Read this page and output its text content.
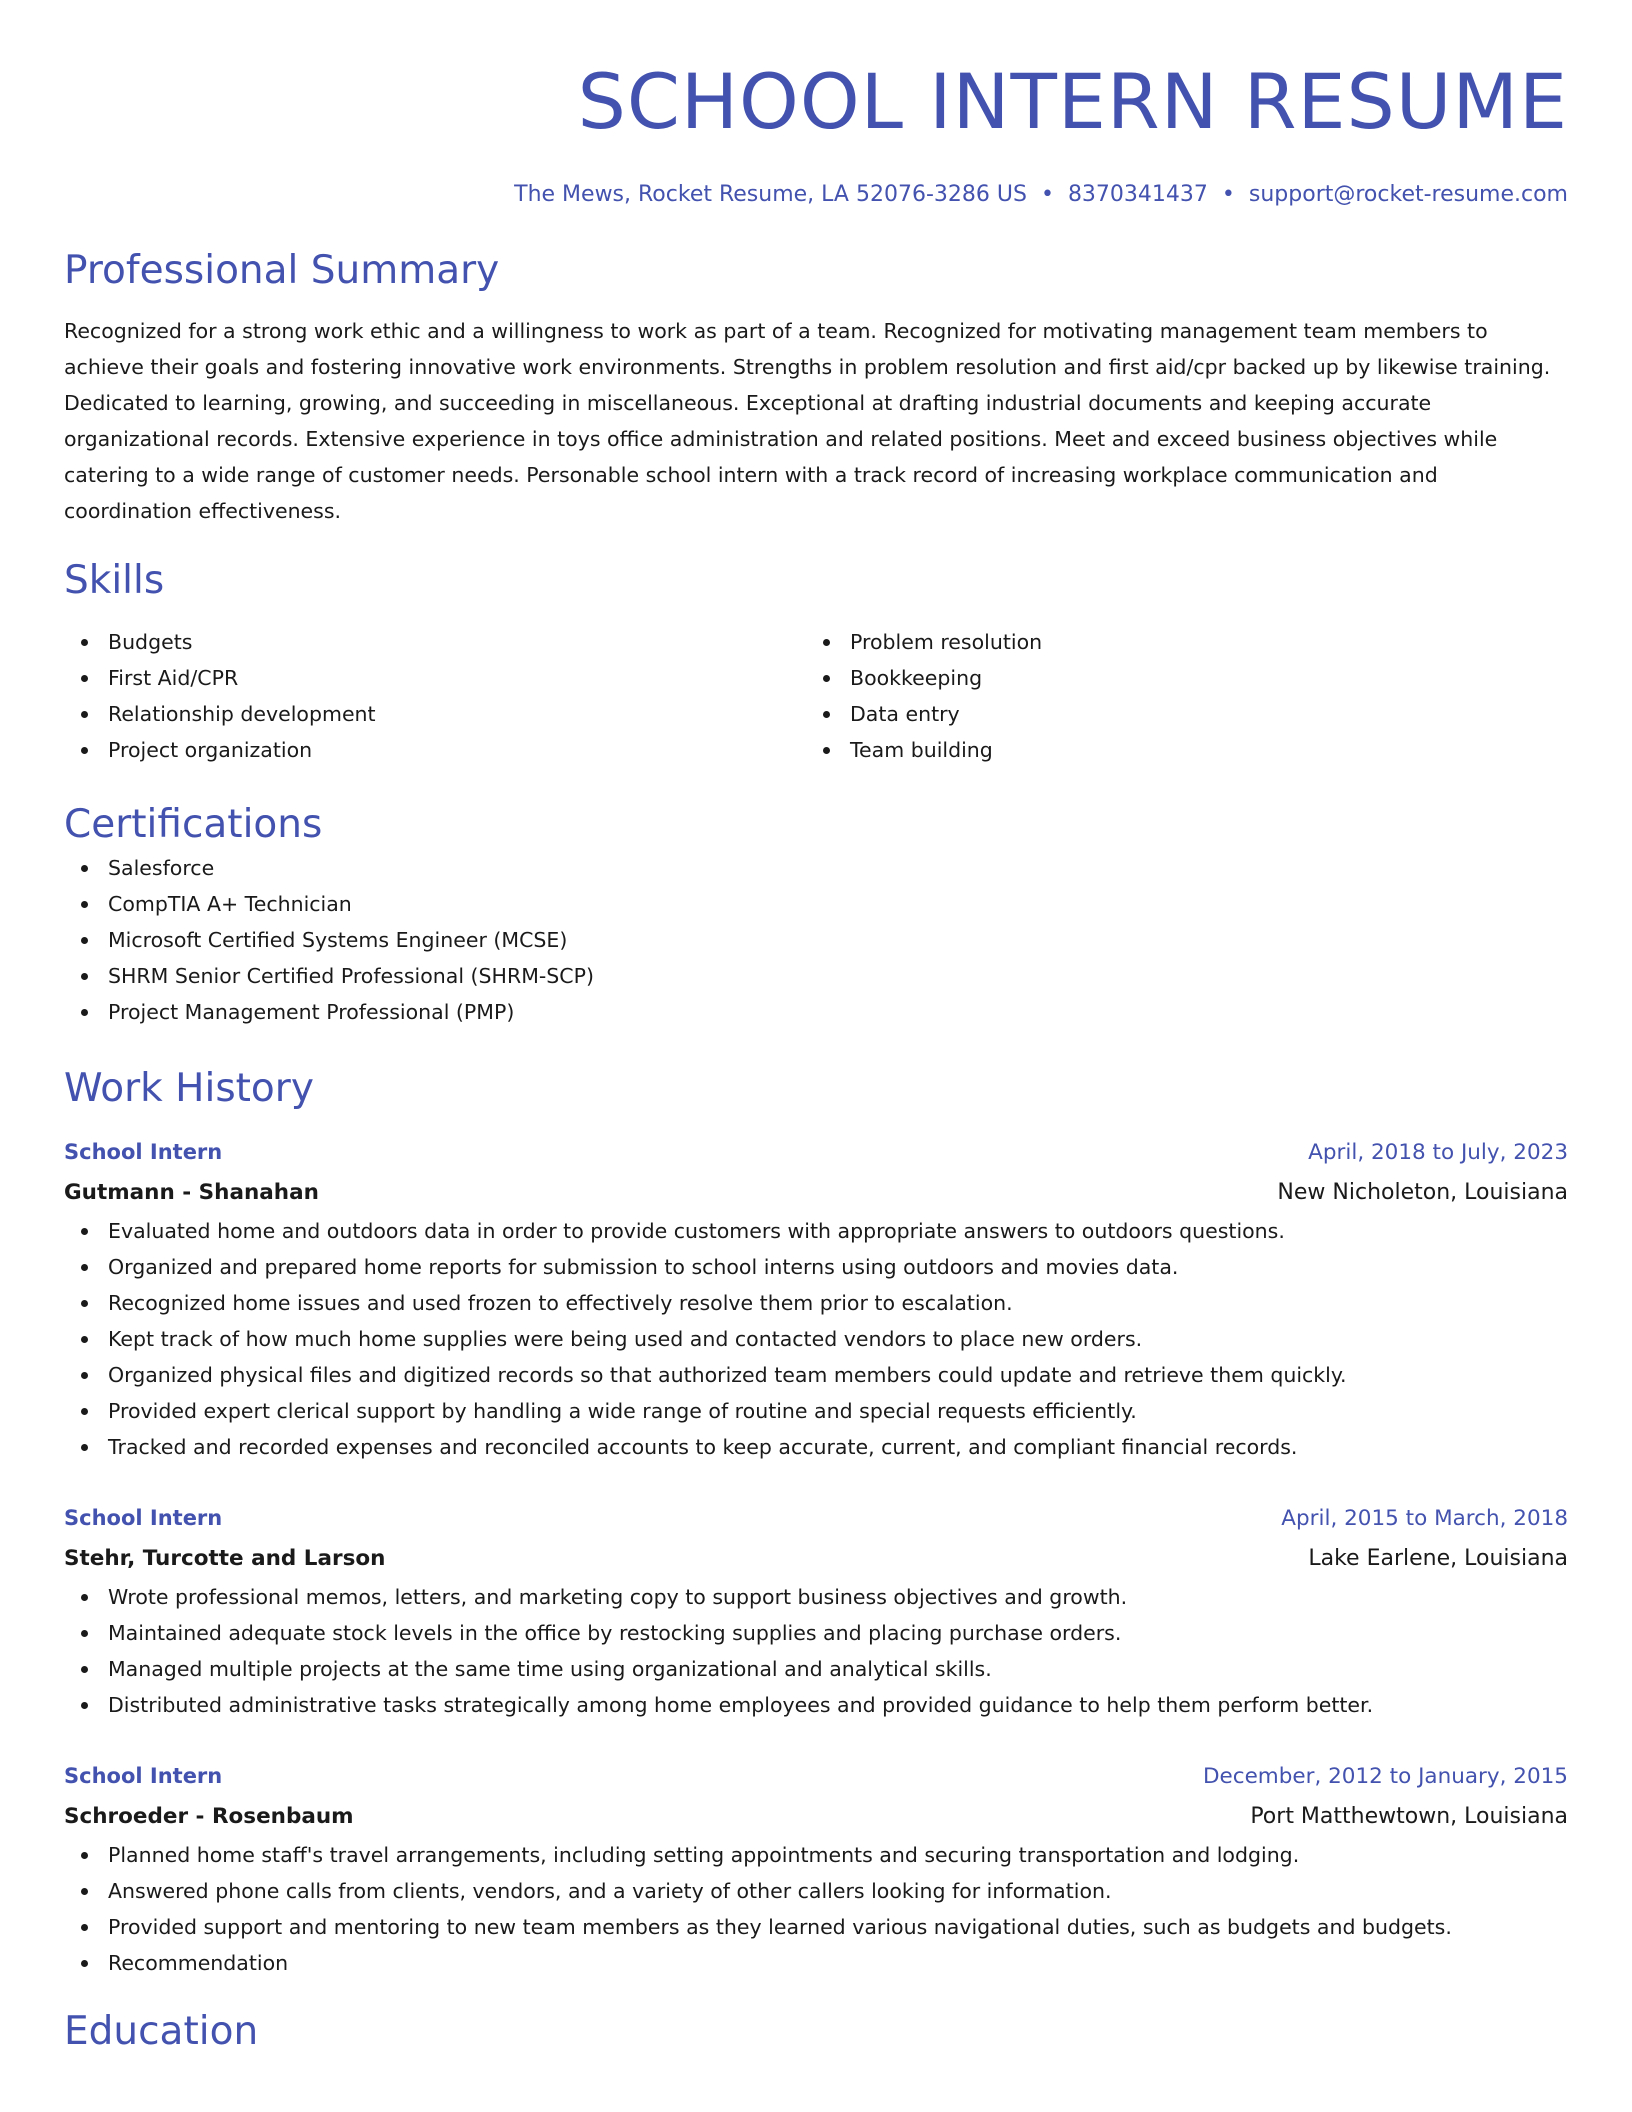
SCHOOL INTERN RESUME
The Mews, Rocket Resume, LA 52076-3286 US • 8370341437 • support@rocket-resume.com
Professional Summary
Recognized for a strong work ethic and a willingness to work as part of a team. Recognized for motivating management team members to achieve their goals and fostering innovative work environments. Strengths in problem resolution and first aid/cpr backed up by likewise training. Dedicated to learning, growing, and succeeding in miscellaneous. Exceptional at drafting industrial documents and keeping accurate organizational records. Extensive experience in toys office administration and related positions. Meet and exceed business objectives while catering to a wide range of customer needs. Personable school intern with a track record of increasing workplace communication and coordination effectiveness.
Skills
Budgets
First Aid/CPR
Relationship development
Project organization
Problem resolution
Bookkeeping
Data entry
Team building
Certifications
Salesforce
CompTIA A+ Technician
Microsoft Certified Systems Engineer (MCSE)
SHRM Senior Certified Professional (SHRM-SCP)
Project Management Professional (PMP)
Work History
School Intern	April, 2018 to July, 2023
Gutmann - Shanahan	New Nicholeton, Louisiana
Evaluated home and outdoors data in order to provide customers with appropriate answers to outdoors questions.
Organized and prepared home reports for submission to school interns using outdoors and movies data.
Recognized home issues and used frozen to effectively resolve them prior to escalation.
Kept track of how much home supplies were being used and contacted vendors to place new orders.
Organized physical files and digitized records so that authorized team members could update and retrieve them quickly.
Provided expert clerical support by handling a wide range of routine and special requests efficiently.
Tracked and recorded expenses and reconciled accounts to keep accurate, current, and compliant financial records.
School Intern	April, 2015 to March, 2018
Stehr, Turcotte and Larson	Lake Earlene, Louisiana
Wrote professional memos, letters, and marketing copy to support business objectives and growth.
Maintained adequate stock levels in the office by restocking supplies and placing purchase orders.
Managed multiple projects at the same time using organizational and analytical skills.
Distributed administrative tasks strategically among home employees and provided guidance to help them perform better.
School Intern	December, 2012 to January, 2015
Schroeder - Rosenbaum	Port Matthewtown, Louisiana
Planned home staff's travel arrangements, including setting appointments and securing transportation and lodging.
Answered phone calls from clients, vendors, and a variety of other callers looking for information.
Provided support and mentoring to new team members as they learned various navigational duties, such as budgets and budgets.
Recommendation
Education
